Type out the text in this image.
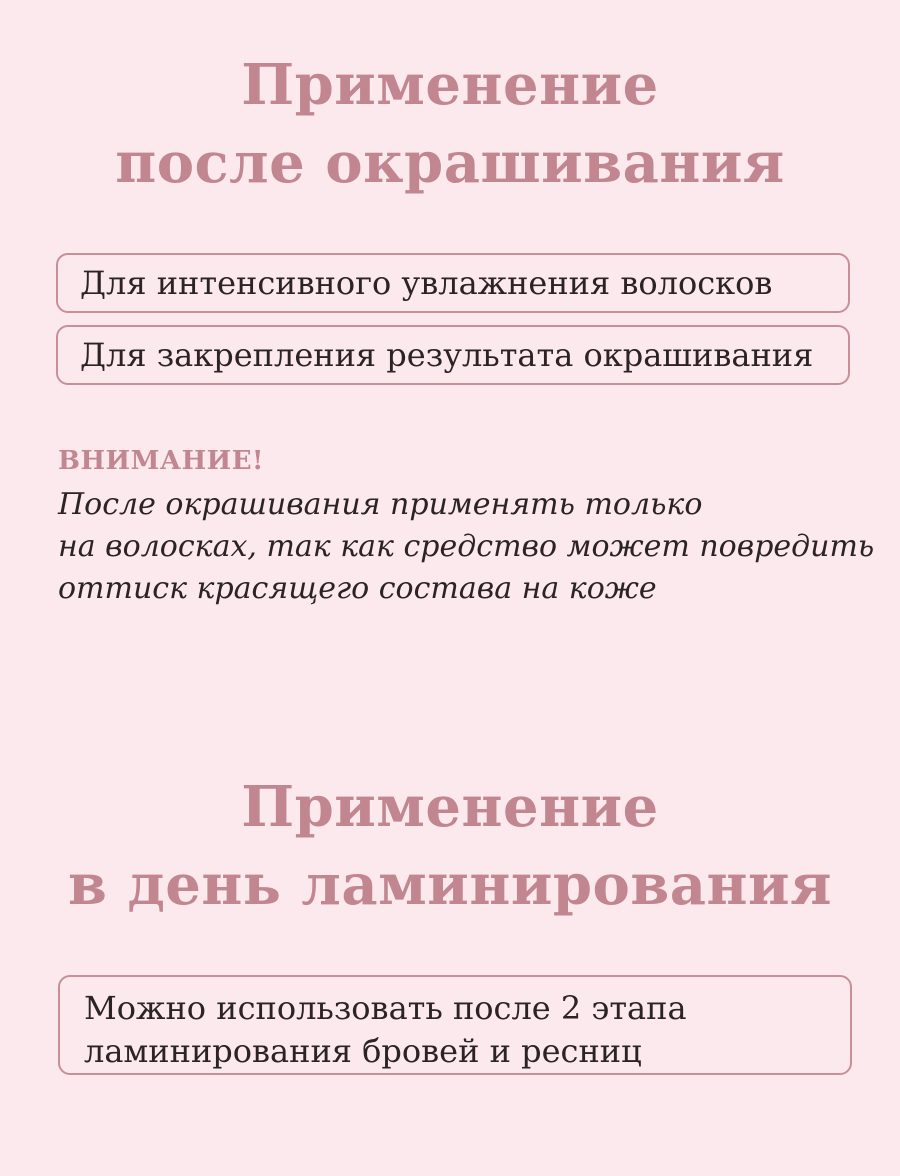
Применение
после окрашивания
Для интенсивного увлажнения волосков
Для закрепления результата окрашивания
ВНИМАНИЕ!

После окрашивания применять только
на волосках, так как средство может повредить
оттиск красящего состава на коже

Применение
в день ламинирования
Можно использовать после 2 этапа
ламинирования бровей и ресниц
